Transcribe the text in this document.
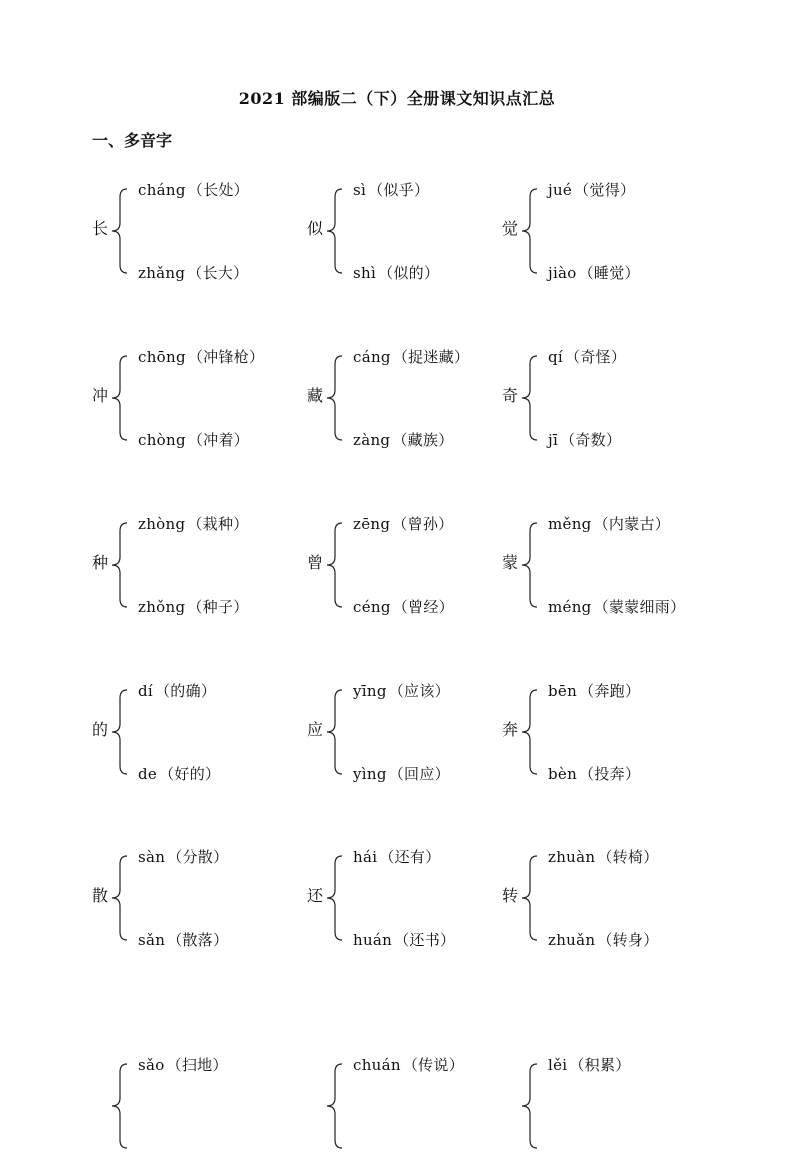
2021 部编版二（下）全册课文知识点汇总
一、多音字
长
cháng （长处）
zhǎng （长大）
似
sì （似乎）
shì （似的）
觉
jué （觉得）
jiào （睡觉）
冲
chōng （冲锋枪）
chòng （冲着）
藏
cáng （捉迷藏）
zàng （藏族）
奇
qí （奇怪）
jī （奇数）
种
zhòng （栽种）
zhǒng （种子）
曾
zēng （曾孙）
céng （曾经）
蒙
měng （内蒙古）
méng （蒙蒙细雨）
的
dí （的确）
de （好的）
应
yīng （应该）
yìng （回应）
奔
bēn （奔跑）
bèn （投奔）
散
sàn （分散）
sǎn （散落）
还
hái （还有）
huán （还书）
转
zhuàn （转椅）
zhuǎn （转身）
sǎo （扫地）	chuán （传说）	lěi （积累）
